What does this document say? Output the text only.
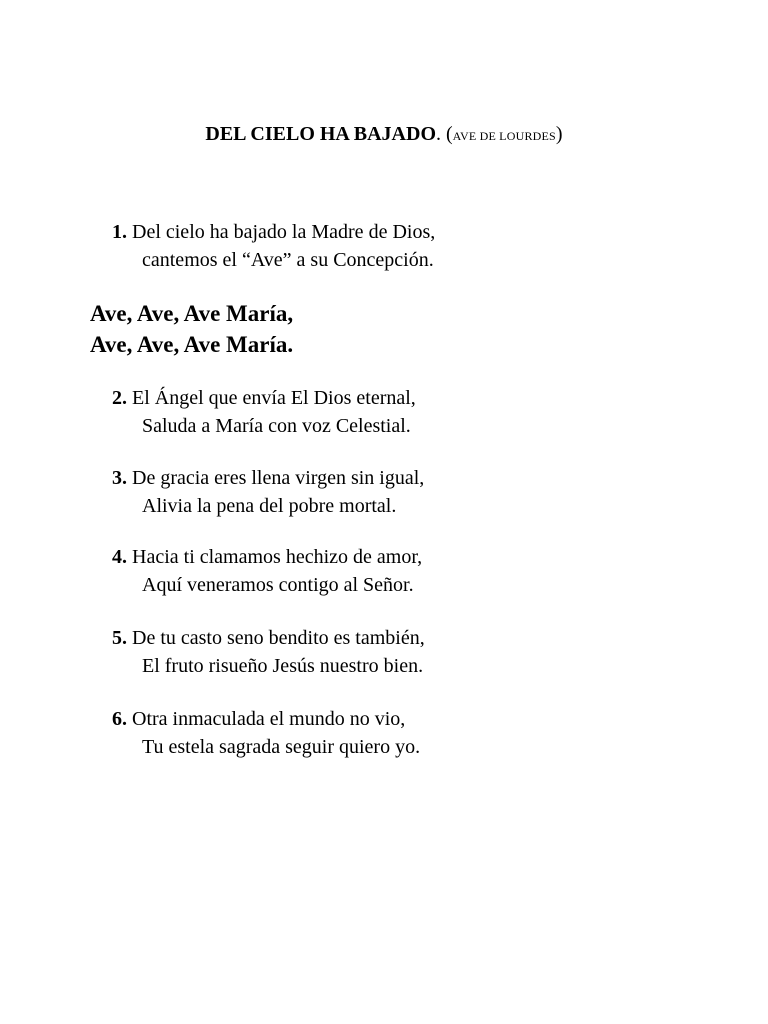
DEL CIELO HA BAJADO. (AVE DE LOURDES)
1. Del cielo ha bajado la Madre de Dios,
cantemos el “Ave” a su Concepción.
Ave, Ave, Ave María,
Ave, Ave, Ave María.
2. El Ángel que envía El Dios eternal,
Saluda a María con voz Celestial.
3. De gracia eres llena virgen sin igual,
Alivia la pena del pobre mortal.
4. Hacia ti clamamos hechizo de amor,
Aquí veneramos contigo al Señor.
5. De tu casto seno bendito es también,
El fruto risueño Jesús nuestro bien.
6. Otra inmaculada el mundo no vio,
Tu estela sagrada seguir quiero yo.
